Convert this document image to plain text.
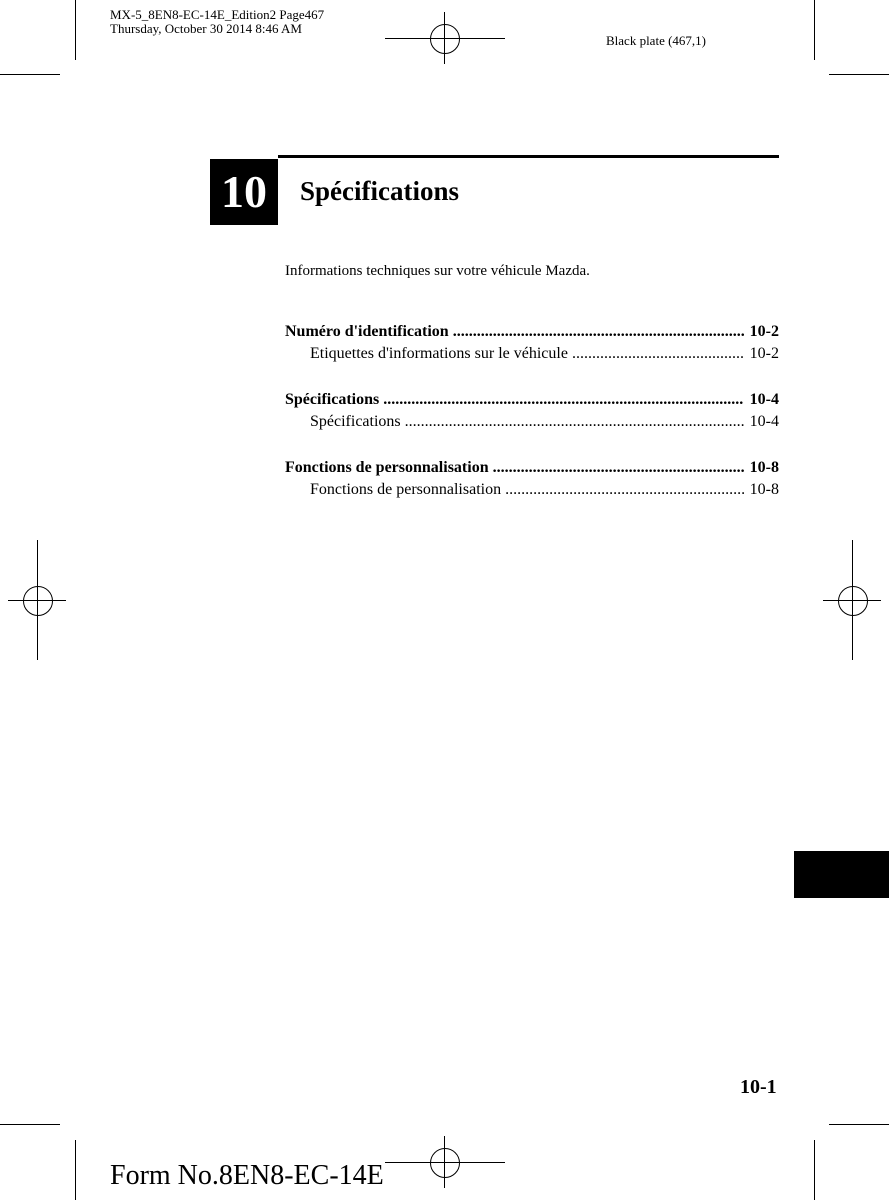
MX-5_8EN8-EC-14E_Edition2 Page467
Thursday, October 30 2014 8:46 AM
Black plate (467,1)
10	Spécifications
Informations techniques sur votre véhicule Mazda.
Numéro d'identification .....	10-2
Etiquettes d'informations sur le véhicule .....	10-2
Spécifications .....	10-4
Spécifications .....	10-4
Fonctions de personnalisation .....	10-8
Fonctions de personnalisation .....	10-8
10-1
Form No.8EN8-EC-14E
